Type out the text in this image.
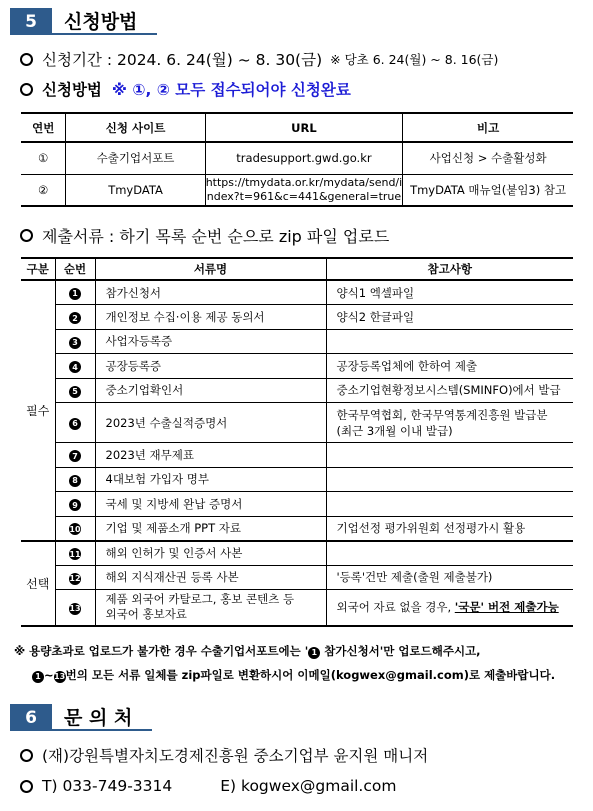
5	신청방법
신청기간 : 2024. 6. 24(월) ~ 8. 30(금) ※ 당초 6. 24(월) ~ 8. 16(금)
신청방법 ※ ①, ② 모두 접수되어야 신청완료
연번	신청 사이트	URL	비고
①	수출기업서포트	tradesupport.gwd.go.kr	사업신청 > 수출활성화
②	TmyDATA	https://tmydata.or.kr/mydata/send/i
ndex?t=961&c=441&general=true	TmyDATA 매뉴얼(붙임3) 참고
제출서류 : 하기 목록 순번 순으로 zip 파일 업로드
구분	순번	서류명	참고사항
필수	1	참가신청서	양식1 엑셀파일
	2	개인정보 수집·이용 제공 동의서	양식2 한글파일
	3	사업자등록증	
	4	공장등록증	공장등록업체에 한하여 제출
	5	중소기업확인서	중소기업현황정보시스템(SMINFO)에서 발급
	6	2023년 수출실적증명서	한국무역협회, 한국무역통계진흥원 발급분
(최근 3개월 이내 발급)

	7	2023년 재무제표	
	8	4대보험 가입자 명부	
	9	국세 및 지방세 완납 증명서	
	10	기업 및 제품소개 PPT 자료	기업선정 평가위원회 선정평가시 활용
선택	11	해외 인허가 및 인증서 사본	
	12	해외 지식재산권 등록 사본	'등록'건만 제출(출원 제출불가)
	13	제품 외국어 카탈로그, 홍보 콘텐츠 등
외국어 홍보자료	외국어 자료 없을 경우, '국문' 버전 제출가능
※ 용량초과로 업로드가 불가한 경우 수출기업서포트에는 ' 1 참가신청서'만 업로드해주시고,
1 ~13번의 모든 서류 일체를 zip파일로 변환하시어 이메일(kogwex@gmail.com)로 제출바랍니다.
6	문 의 처
(재)강원특별자치도경제진흥원 중소기업부 윤지원 매니저
T) 033-749-3314	E) kogwex@gmail.com
